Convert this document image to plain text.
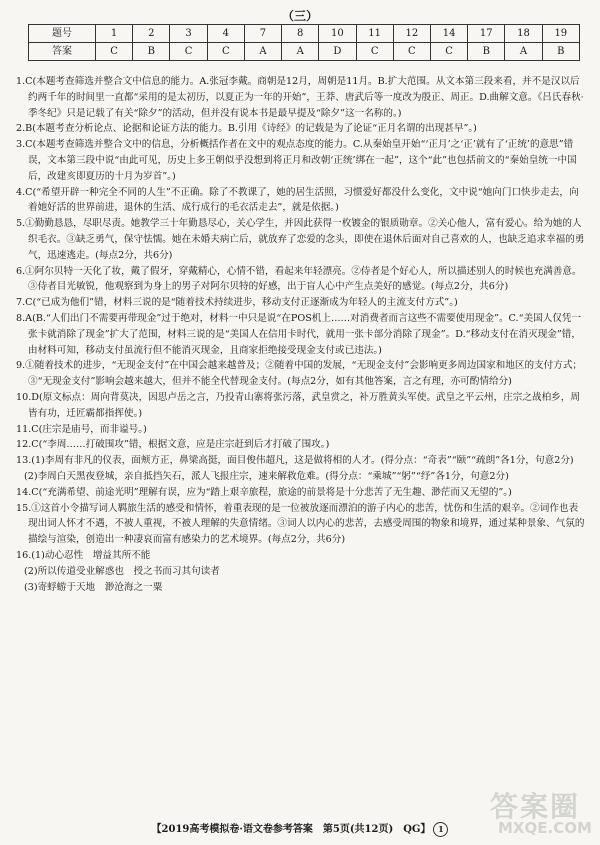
（三）
题号	1	2	3	4	7	8	10	11	12	14	17	18	19
答案	C	B	C	C	A	A	D	C	C	C	B	A	B

1.C(本题考查筛选并整合文中信息的能力。A.张冠李戴。商朝是12月，周朝是11月。B.扩大范围。从文本第三段来看，并不是汉以后约两千年的时间里一直都“采用的是太初历，以夏正为一年的开始”，王莽、唐武后等一度改为殷正、周正。D.曲解文意。《吕氏春秋·季冬纪》只是记载了有关“除夕”的活动，但并没有说本书是最早提及“除夕”这一名称的。)

2.B(本题考查分析论点、论据和论证方法的能力。B.引用《诗经》的记载是为了论证“正月名谓的出现甚早”。)

3.C(本题考查筛选并整合文中的信息，分析概括作者在文中的观点态度的能力。C.从秦始皇开始“‘正月’之‘正’就有了‘正统’的意思”错误，文本第三段中说“由此可见，历史上多王朝似乎没想到将正月和改朝‘正统’绑在一起”，这个“此”也包括前文的“秦始皇统一中国后，改建亥即夏历的十月为岁首”。)

4.C(“希望开辟一种完全不同的人生”不正确。除了不教课了，她的居生活照，习惯爱好都没什么变化，文中说“她向门口快步走去，向着她好活的世界前进，退休的生活、成行成行的毛衣活走去”，就是依据。)

5.①勤勤恳恳，尽职尽责。她教学三十年勤恳尽心，关心学生，并因此获得一枚镀金的银质勋章。②关心他人，富有爱心。给为她的人织毛衣。③缺乏勇气，保守怯懦。她在未婚夫病亡后，就放弃了恋爱的念头，即使在退休后面对自己喜欢的人，也缺乏追求幸福的勇气，迅速逃走。(每点2分，共6分)

6.①阿尔贝特一天化了妆，戴了假牙，穿戴精心，心情不错，看起来年轻漂亮。②侍者是个好心人，所以描述别人的时候也充满善意。③侍者目光敏锐，他观察到为身上的男子对阿尔贝特的好感，出于盲人心中产生点美好的感觉。(每点2分，共6分)

7.C(“已成为他们”错，材料三说的是“随着技术持续进步，移动支付正逐渐成为年轻人的主流支付方式”。)

8.A(B.“人们出门不需要再带现金”过于绝对，材料一中只是说“在POS机上……对消费者而言这些不需要使用现金”。C.“美国人仅凭一张卡就消除了现金”扩大了范围，材料三说的是“美国人在信用卡时代，就用一张卡部分消除了现金”。D.“移动支付在消灭现金”错，由材料可知，移动支付虽流行但不能消灭现金，且商家拒绝接受现金支付或已违法。)

9.①随着技术的进步，“无现金支付”在中国会越来越普及；②随着中国的发展，“无现金支付”会影响更多周边国家和地区的支付方式；③“无现金支付”影响会越来越大，但并不能全代替现金支付。(每点2分，如有其他答案，言之有理，亦可酌情给分)

10.D(原文标点：周向背莫决，因思卢岳之言，乃投青山寨将张污落，武皇赏之，补万胜黄头军使。武皇之平云州，庄宗之战柏乡，周皆有功，迁匠霸都指挥使。)

11.C(庄宗是庙号，而非谥号。)

12.C(“李周……打破围攻”错，根据文意，应是庄宗赶到后才打破了围攻。)

13.(1)李周有非凡的仪表，面颊方正，鼻梁高挺，面目俊伟超凡，这是做将相的人才。(得分点：“奇表”“颐”“疏朗”各1分，句意2分)

(2)李周白天黑夜登城，亲自抵挡矢石，派人飞报庄宗，速来解救危难。(得分点：“乘城”“躬”“纾”各1分，句意2分)

14.C(“充满希望、前途光明”理解有误，应为“踏上艰辛旅程，旅途的前景将是十分悲苦了无生趣、渺茫而又无望的”。)

15.①这首小令描写词人羁旅生活的感受和情怀，着重表现的是一位被放逐而漂泊的游子内心的悲苦，忧伤和生活的艰辛。②词作也表现出词人怀才不遇，不被人重视，不被人理解的失意情绪。③词人以内心的悲苦，去感受周围的物象和境界，通过某种景象、气氛的描绘与渲染，创造出一种凄哀而富有感染力的艺术境界。(每点2分，共6分)

16.(1)动心忍性　增益其所不能

(2)所以传道受业解惑也　授之书而习其句读者

(3)寄蜉蝣于天地　渺沧海之一粟

【2019高考模拟卷·语文卷参考答案　第5页(共12页)　QG】 1
答案圈
MXQE.COM
